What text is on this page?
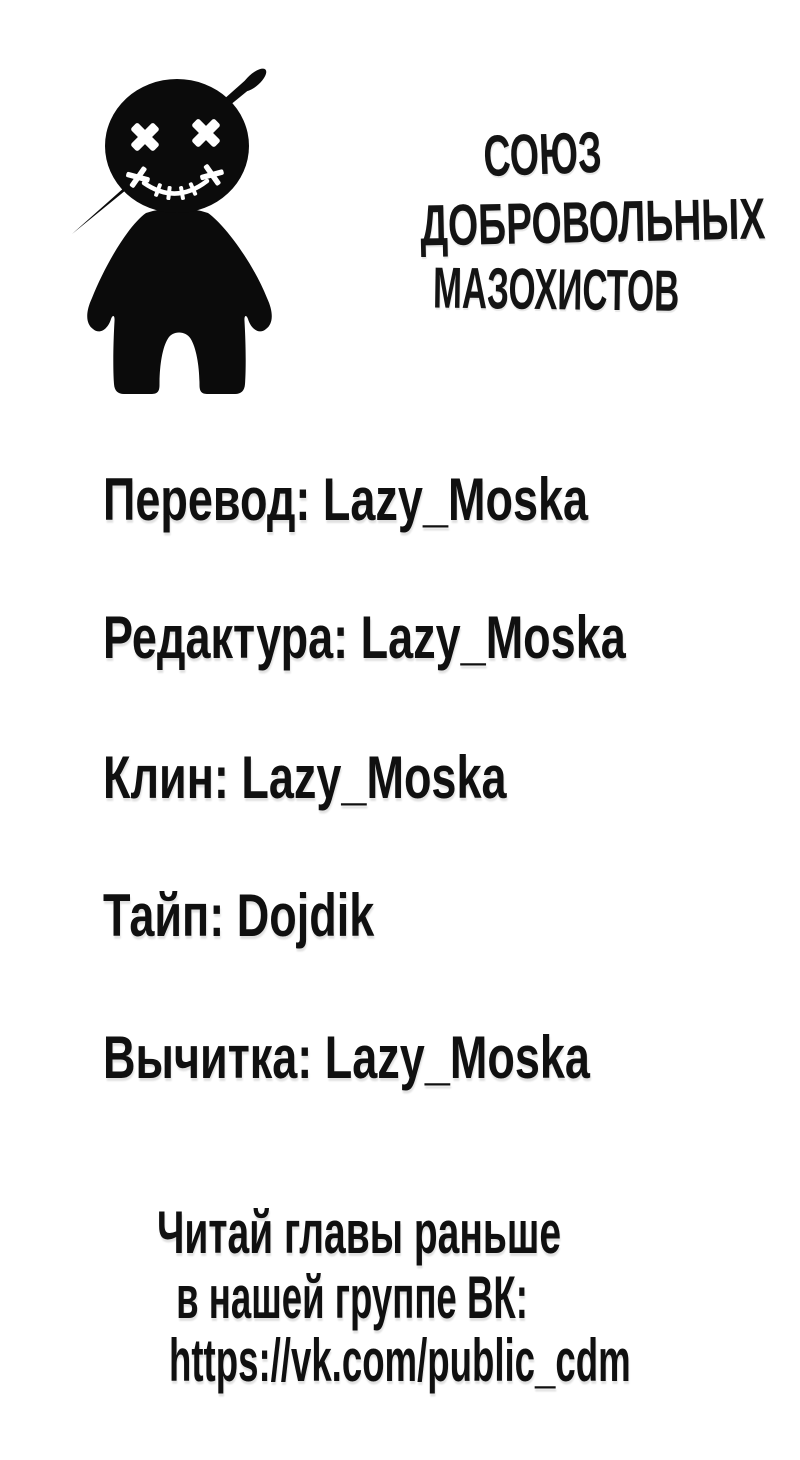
СОЮЗ
ДОБРОВОЛЬНЫХ
МАЗОХИСТОВ
Перевод: Lazy_Moska
Редактура: Lazy_Moska
Клин: Lazy_Moska
Тайп: Dojdik
Вычитка: Lazy_Moska
Читай главы раньше
в нашей группе ВК:
https://vk.com/public_cdm
